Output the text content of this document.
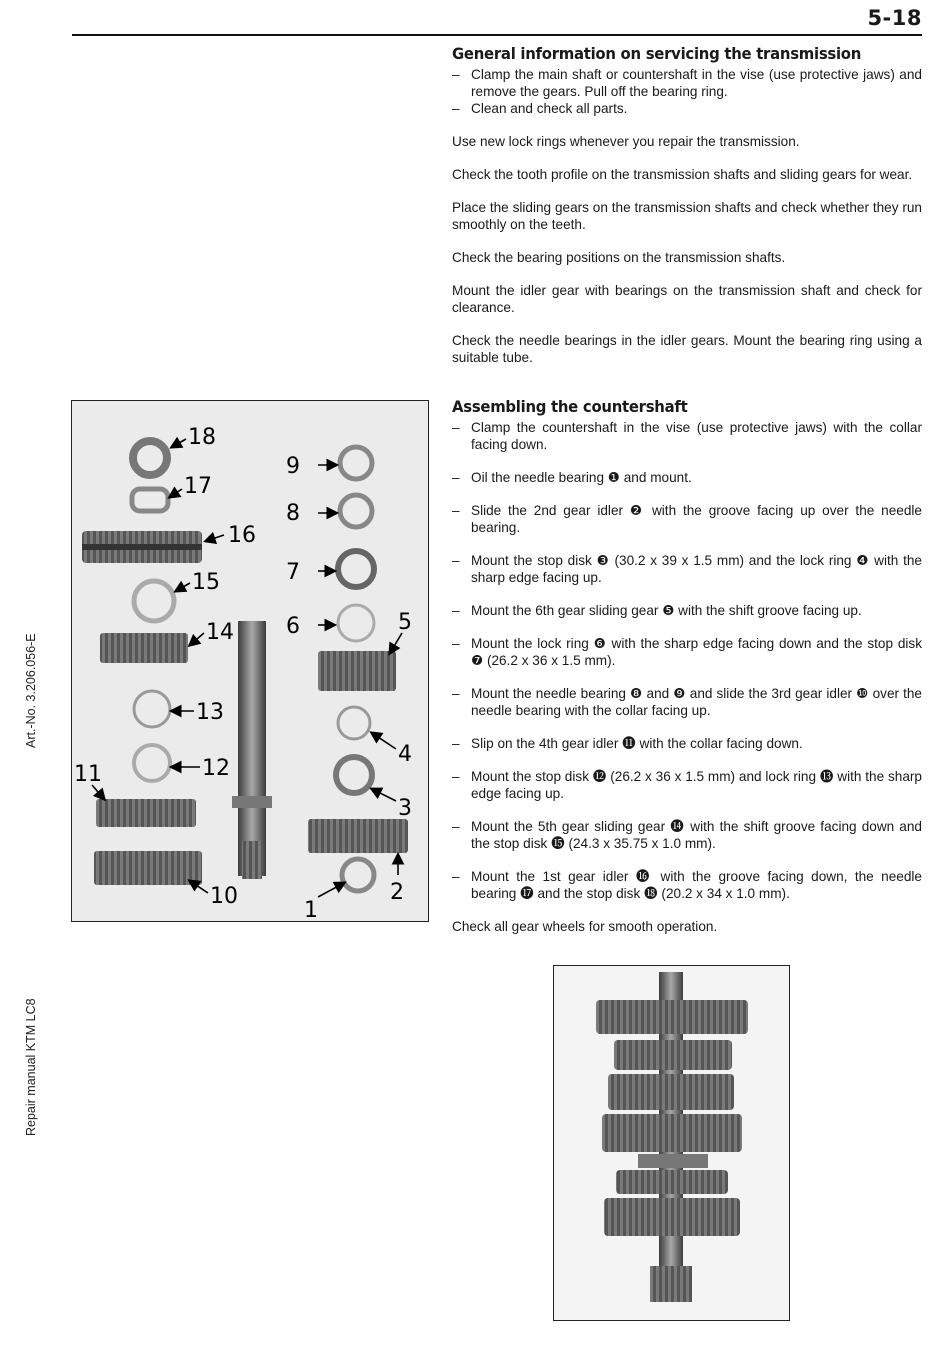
5-18
Art.-No. 3.206.056-E
Repair manual KTM LC8
General information on servicing the transmission

– Clamp the main shaft or countershaft in the vise (use protective jaws) and remove the gears. Pull off the bearing ring.

– Clean and check all parts.

Use new lock rings whenever you repair the transmission.

Check the tooth profile on the transmission shafts and sliding gears for wear.

Place the sliding gears on the transmission shafts and check whether they run smoothly on the teeth.

Check the bearing positions on the transmission shafts.

Mount the idler gear with bearings on the transmission shaft and check for clearance.

Check the needle bearings in the idler gears. Mount the bearing ring using a suitable tube.

Assembling the countershaft

– Clamp the countershaft in the vise (use protective jaws) with the collar facing down.

– Oil the needle bearing ❶ and mount.

– Slide the 2nd gear idler ❷ with the groove facing up over the needle bearing.

– Mount the stop disk ❸ (30.2 x 39 x 1.5 mm) and the lock ring ❹ with the sharp edge facing up.

– Mount the 6th gear sliding gear ❺ with the shift groove facing up.

– Mount the lock ring ❻ with the sharp edge facing down and the stop disk ❼ (26.2 x 36 x 1.5 mm).

– Mount the needle bearing ❽ and ❾ and slide the 3rd gear idler ❿ over the needle bearing with the collar facing up.

– Slip on the 4th gear idler ⓫ with the collar facing down.

– Mount the stop disk ⓬ (26.2 x 36 x 1.5 mm) and lock ring ⓭ with the sharp edge facing up.

– Mount the 5th gear sliding gear ⓮ with the shift groove facing down and the stop disk ⓯ (24.3 x 35.75 x 1.0 mm).

– Mount the 1st gear idler ⓰ with the groove facing down, the needle bearing ⓱ and the stop disk ⓲ (20.2 x 34 x 1.0 mm).

Check all gear wheels for smooth operation.

18
17
16
15
14
13
12
11
10
9
8
7
6	5
4
3
2
1
